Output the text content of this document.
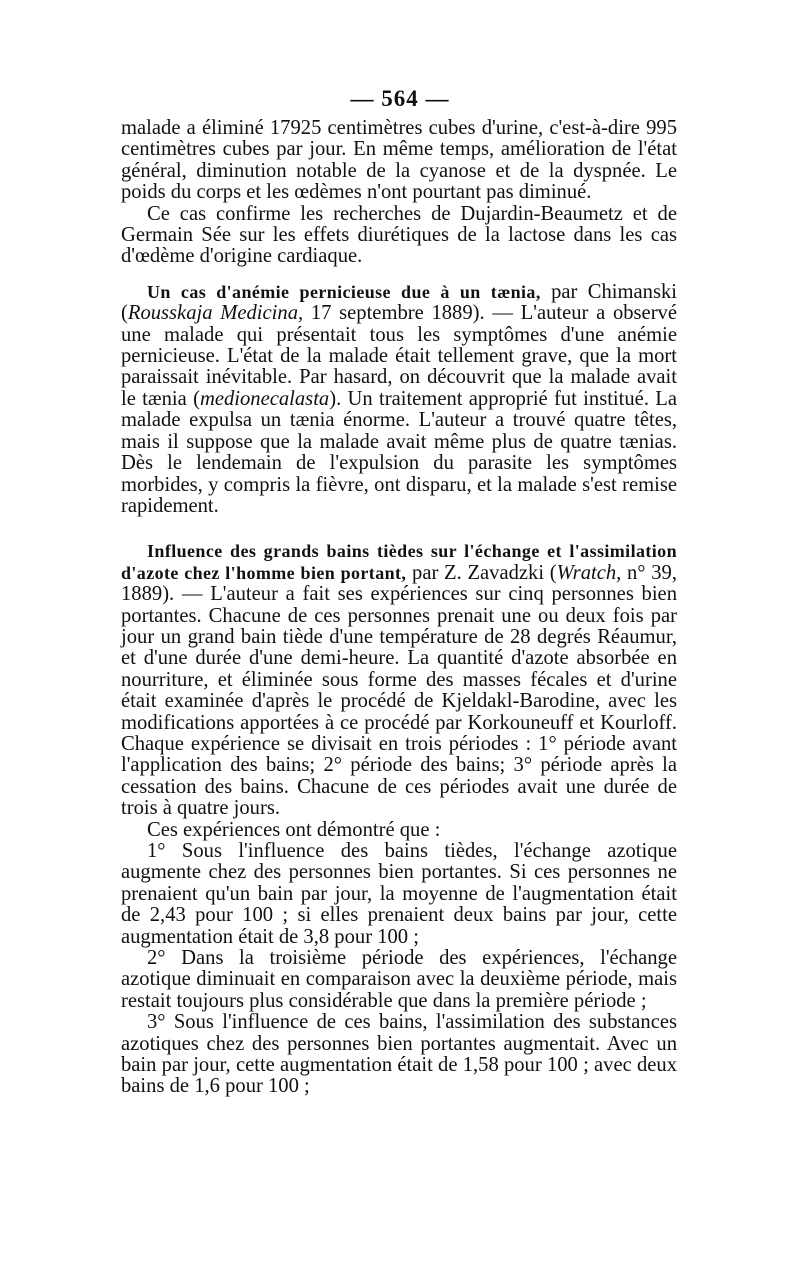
— 564 —

malade a éliminé 17925 centimètres cubes d'urine, c'est-à-dire 995 centimètres cubes par jour. En même temps, amélioration de l'état général, diminution notable de la cyanose et de la dyspnée. Le poids du corps et les œdèmes n'ont pourtant pas diminué.

Ce cas confirme les recherches de Dujardin-Beaumetz et de Germain Sée sur les effets diurétiques de la lactose dans les cas d'œdème d'origine cardiaque.

Un cas d'anémie pernicieuse due à un tænia, par Chimanski (Rousskaja Medicina, 17 septembre 1889). — L'auteur a observé une malade qui présentait tous les symptômes d'une anémie pernicieuse. L'état de la malade était tellement grave, que la mort paraissait inévitable. Par hasard, on découvrit que la malade avait le tænia (medionecalasta). Un traitement approprié fut institué. La malade expulsa un tænia énorme. L'auteur a trouvé quatre têtes, mais il suppose que la malade avait même plus de quatre tænias. Dès le lendemain de l'expulsion du parasite les symptômes morbides, y compris la fièvre, ont disparu, et la malade s'est remise rapidement.

Influence des grands bains tièdes sur l'échange et l'assimilation d'azote chez l'homme bien portant, par Z. Zavadzki (Wratch, n° 39, 1889). — L'auteur a fait ses expériences sur cinq personnes bien portantes. Chacune de ces personnes prenait une ou deux fois par jour un grand bain tiède d'une température de 28 degrés Réaumur, et d'une durée d'une demi-heure. La quantité d'azote absorbée en nourriture, et éliminée sous forme des masses fécales et d'urine était examinée d'après le procédé de Kjeldakl-Barodine, avec les modifications apportées à ce procédé par Korkouneuff et Kourloff. Chaque expérience se divisait en trois périodes : 1° période avant l'application des bains; 2° période des bains; 3° période après la cessation des bains. Chacune de ces périodes avait une durée de trois à quatre jours.

Ces expériences ont démontré que :

1° Sous l'influence des bains tièdes, l'échange azotique augmente chez des personnes bien portantes. Si ces personnes ne prenaient qu'un bain par jour, la moyenne de l'augmentation était de 2,43 pour 100 ; si elles prenaient deux bains par jour, cette augmentation était de 3,8 pour 100 ;

2° Dans la troisième période des expériences, l'échange azotique diminuait en comparaison avec la deuxième période, mais restait toujours plus considérable que dans la première période ;

3° Sous l'influence de ces bains, l'assimilation des substances azotiques chez des personnes bien portantes augmentait. Avec un bain par jour, cette augmentation était de 1,58 pour 100 ; avec deux bains de 1,6 pour 100 ;
